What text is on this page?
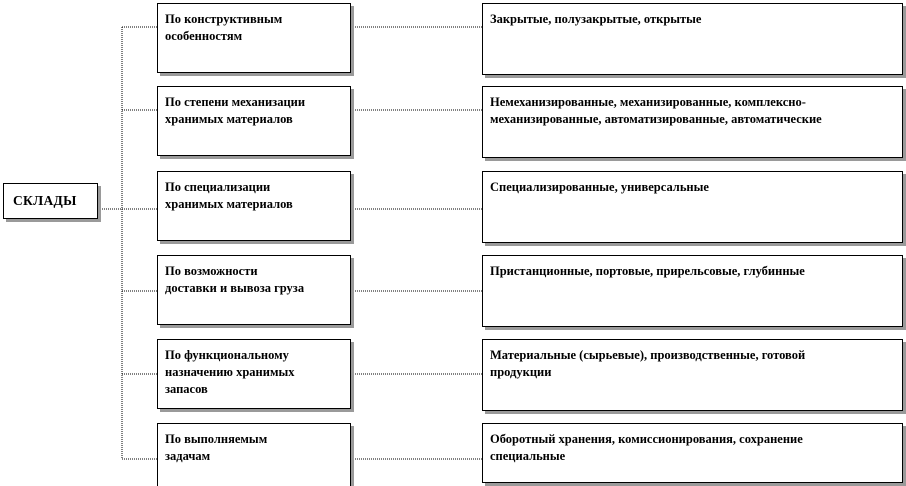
СКЛАДЫ
По конструктивным
особенностям
По степени механизации
хранимых материалов
По специализации
хранимых материалов
По возможности
доставки и вывоза груза
По функциональному
назначению хранимых
запасов
По выполняемым
задачам
Закрытые, полузакрытые, открытые
Немеханизированные, механизированные, комплексно-
механизированные, автоматизированные, автоматические
Специализированные, универсальные
Пристанционные, портовые, прирельсовые, глубинные
Материальные (сырьевые), производственные, готовой
продукции
Оборотный хранения, комиссионирования, сохранение
специальные
